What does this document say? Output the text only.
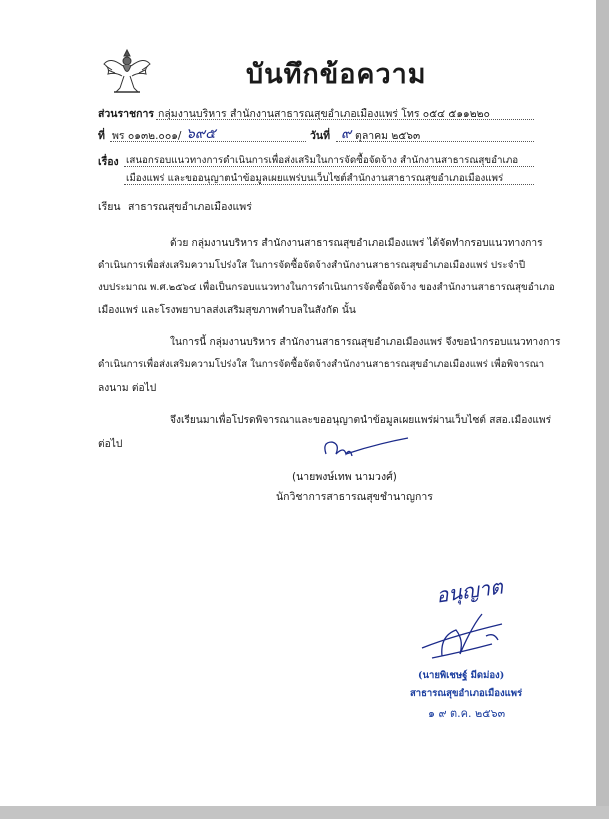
บันทึกข้อความ
ส่วนราชการ กลุ่มงานบริหาร สำนักงานสาธารณสุขอำเภอเมืองแพร่ โทร ๐๕๔ ๕๑๑๒๒๐
ที่ พร ๐๑๓๒.๐๐๑/ ๖๙๕	วันที่ ๙ ตุลาคม ๒๕๖๓
เรื่อง เสนอกรอบแนวทางการดำเนินการเพื่อส่งเสริมในการจัดซื้อจัดจ้าง สำนักงานสาธารณสุขอำเภอ
เมืองแพร่ และขออนุญาตนำข้อมูลเผยแพร่บนเว็บไซต์สำนักงานสาธารณสุขอำเภอเมืองแพร่
เรียน สาธารณสุขอำเภอเมืองแพร่
ด้วย กลุ่มงานบริหาร สำนักงานสาธารณสุขอำเภอเมืองแพร่ ได้จัดทำกรอบแนวทางการ
ดำเนินการเพื่อส่งเสริมความโปร่งใส ในการจัดซื้อจัดจ้างสำนักงานสาธารณสุขอำเภอเมืองแพร่ ประจำปี
งบประมาณ พ.ศ.๒๕๖๔ เพื่อเป็นกรอบแนวทางในการดำเนินการจัดซื้อจัดจ้าง ของสำนักงานสาธารณสุขอำเภอ
เมืองแพร่ และโรงพยาบาลส่งเสริมสุขภาพตำบลในสังกัด นั้น
ในการนี้ กลุ่มงานบริหาร สำนักงานสาธารณสุขอำเภอเมืองแพร่ จึงขอนำกรอบแนวทางการ
ดำเนินการเพื่อส่งเสริมความโปร่งใส ในการจัดซื้อจัดจ้างสำนักงานสาธารณสุขอำเภอเมืองแพร่ เพื่อพิจารณา
ลงนาม ต่อไป
จึงเรียนมาเพื่อโปรดพิจารณาและขออนุญาตนำข้อมูลเผยแพร่ผ่านเว็บไซต์ สสอ.เมืองแพร่
ต่อไป
(นายพงษ์เทพ นามวงศ์)
นักวิชาการสาธารณสุขชำนาญการ
อนุญาต
(นายพิเชษฐ์ มีดม่อง)
สาธารณสุขอำเภอเมืองแพร่
๑ ๙ ต.ค. ๒๕๖๓
